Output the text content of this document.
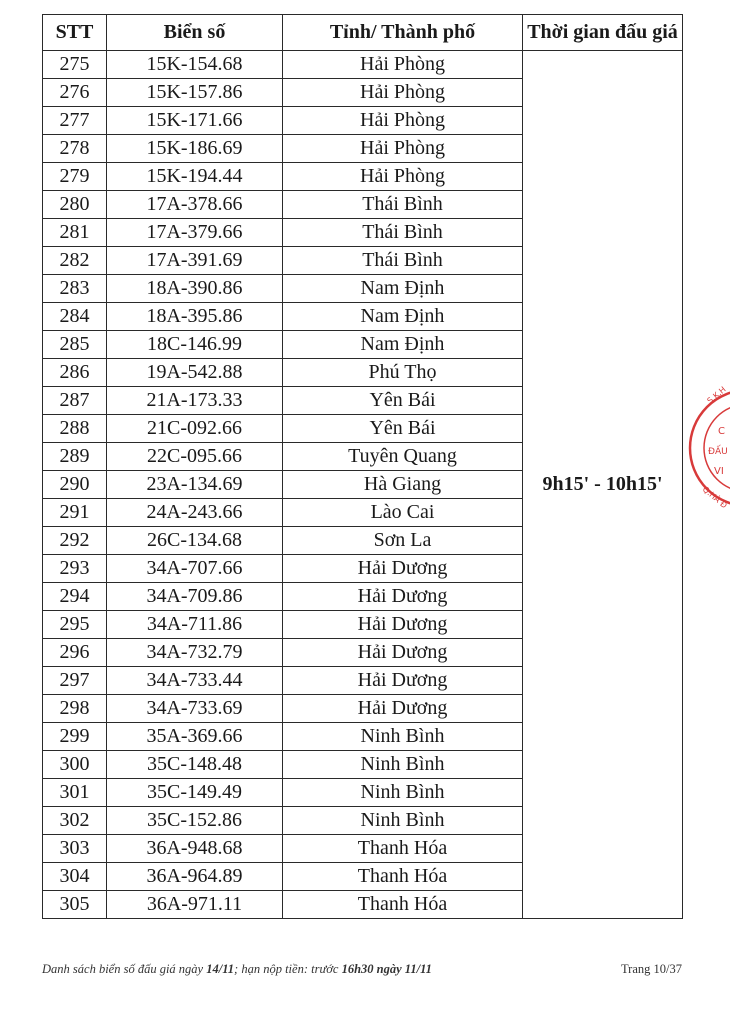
STT	Biển số	Tỉnh/ Thành phố	Thời gian đấu giá
275	15K-154.68	Hải Phòng	9h15' - 10h15'
276	15K-157.86	Hải Phòng	
277	15K-171.66	Hải Phòng	
278	15K-186.69	Hải Phòng	
279	15K-194.44	Hải Phòng	
280	17A-378.66	Thái Bình	
281	17A-379.66	Thái Bình	
282	17A-391.69	Thái Bình	
283	18A-390.86	Nam Định	
284	18A-395.86	Nam Định	
285	18C-146.99	Nam Định	
286	19A-542.88	Phú Thọ	
287	21A-173.33	Yên Bái	
288	21C-092.66	Yên Bái	
289	22C-095.66	Tuyên Quang	
290	23A-134.69	Hà Giang	
291	24A-243.66	Lào Cai	
292	26C-134.68	Sơn La	
293	34A-707.66	Hải Dương	
294	34A-709.86	Hải Dương	
295	34A-711.86	Hải Dương	
296	34A-732.79	Hải Dương	
297	34A-733.44	Hải Dương	
298	34A-733.69	Hải Dương	
299	35A-369.66	Ninh Bình	
300	35C-148.48	Ninh Bình	
301	35C-149.49	Ninh Bình	
302	35C-152.86	Ninh Bình	
303	36A-948.68	Thanh Hóa	
304	36A-964.89	Thanh Hóa	
305	36A-971.11	Thanh Hóa	
Danh sách biển số đấu giá ngày 14/11; hạn nộp tiền: trước 16h30 ngày 11/11	Trang 10/37
S.K.H
C
ĐẤU
VI
Q.HÀ Đ
